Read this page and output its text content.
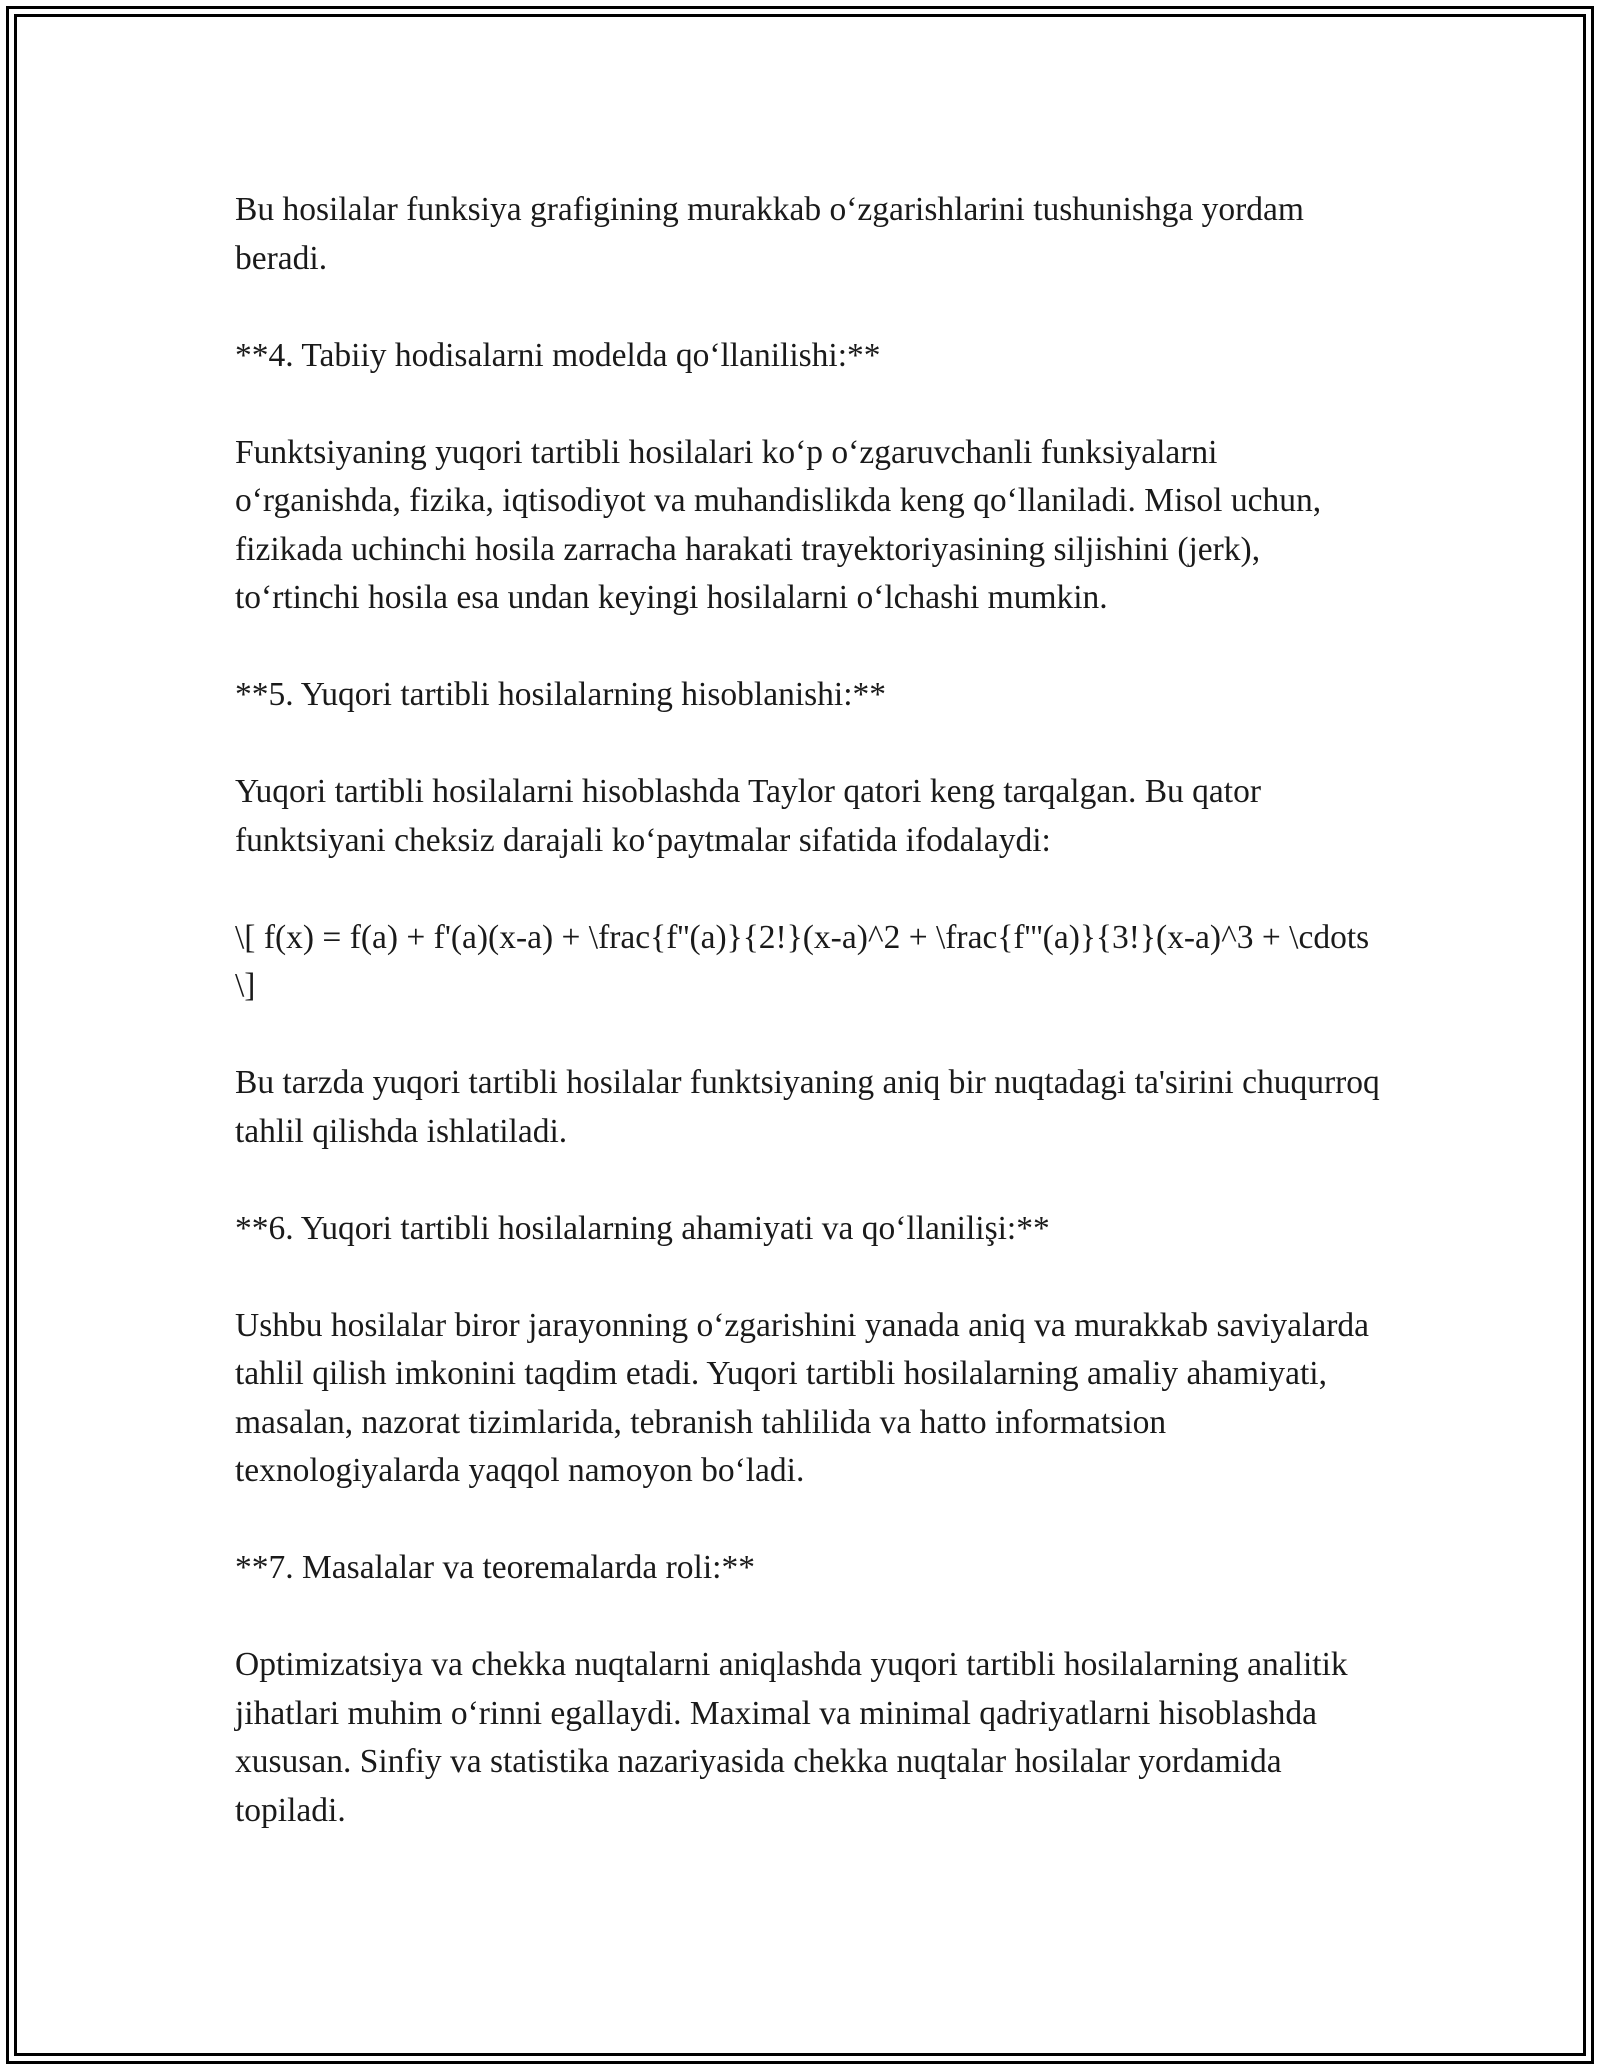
Bu hosilalar funksiya grafigining murakkab o‘zgarishlarini tushunishga yordam beradi.

**4. Tabiiy hodisalarni modelda qo‘llanilishi:**

Funktsiyaning yuqori tartibli hosilalari ko‘p o‘zgaruvchanli funksiyalarni o‘rganishda, fizika, iqtisodiyot va muhandislikda keng qo‘llaniladi. Misol uchun, fizikada uchinchi hosila zarracha harakati trayektoriyasining siljishini (jerk), to‘rtinchi hosila esa undan keyingi hosilalarni o‘lchashi mumkin.

**5. Yuqori tartibli hosilalarning hisoblanishi:**

Yuqori tartibli hosilalarni hisoblashda Taylor qatori keng tarqalgan. Bu qator funktsiyani cheksiz darajali ko‘paytmalar sifatida ifodalaydi:

\[ f(x) = f(a) + f'(a)(x-a) + \frac{f''(a)}{2!}(x-a)^2 + \frac{f'''(a)}{3!}(x-a)^3 + \cdots \]

Bu tarzda yuqori tartibli hosilalar funktsiyaning aniq bir nuqtadagi ta'sirini chuqurroq tahlil qilishda ishlatiladi.

**6. Yuqori tartibli hosilalarning ahamiyati va qo‘llanilişi:**

Ushbu hosilalar biror jarayonning o‘zgarishini yanada aniq va murakkab saviyalarda tahlil qilish imkonini taqdim etadi. Yuqori tartibli hosilalarning amaliy ahamiyati, masalan, nazorat tizimlarida, tebranish tahlilida va hatto informatsion texnologiyalarda yaqqol namoyon bo‘ladi.

**7. Masalalar va teoremalarda roli:**

Optimizatsiya va chekka nuqtalarni aniqlashda yuqori tartibli hosilalarning analitik jihatlari muhim o‘rinni egallaydi. Maximal va minimal qadriyatlarni hisoblashda xususan. Sinfiy va statistika nazariyasida chekka nuqtalar hosilalar yordamida topiladi.
